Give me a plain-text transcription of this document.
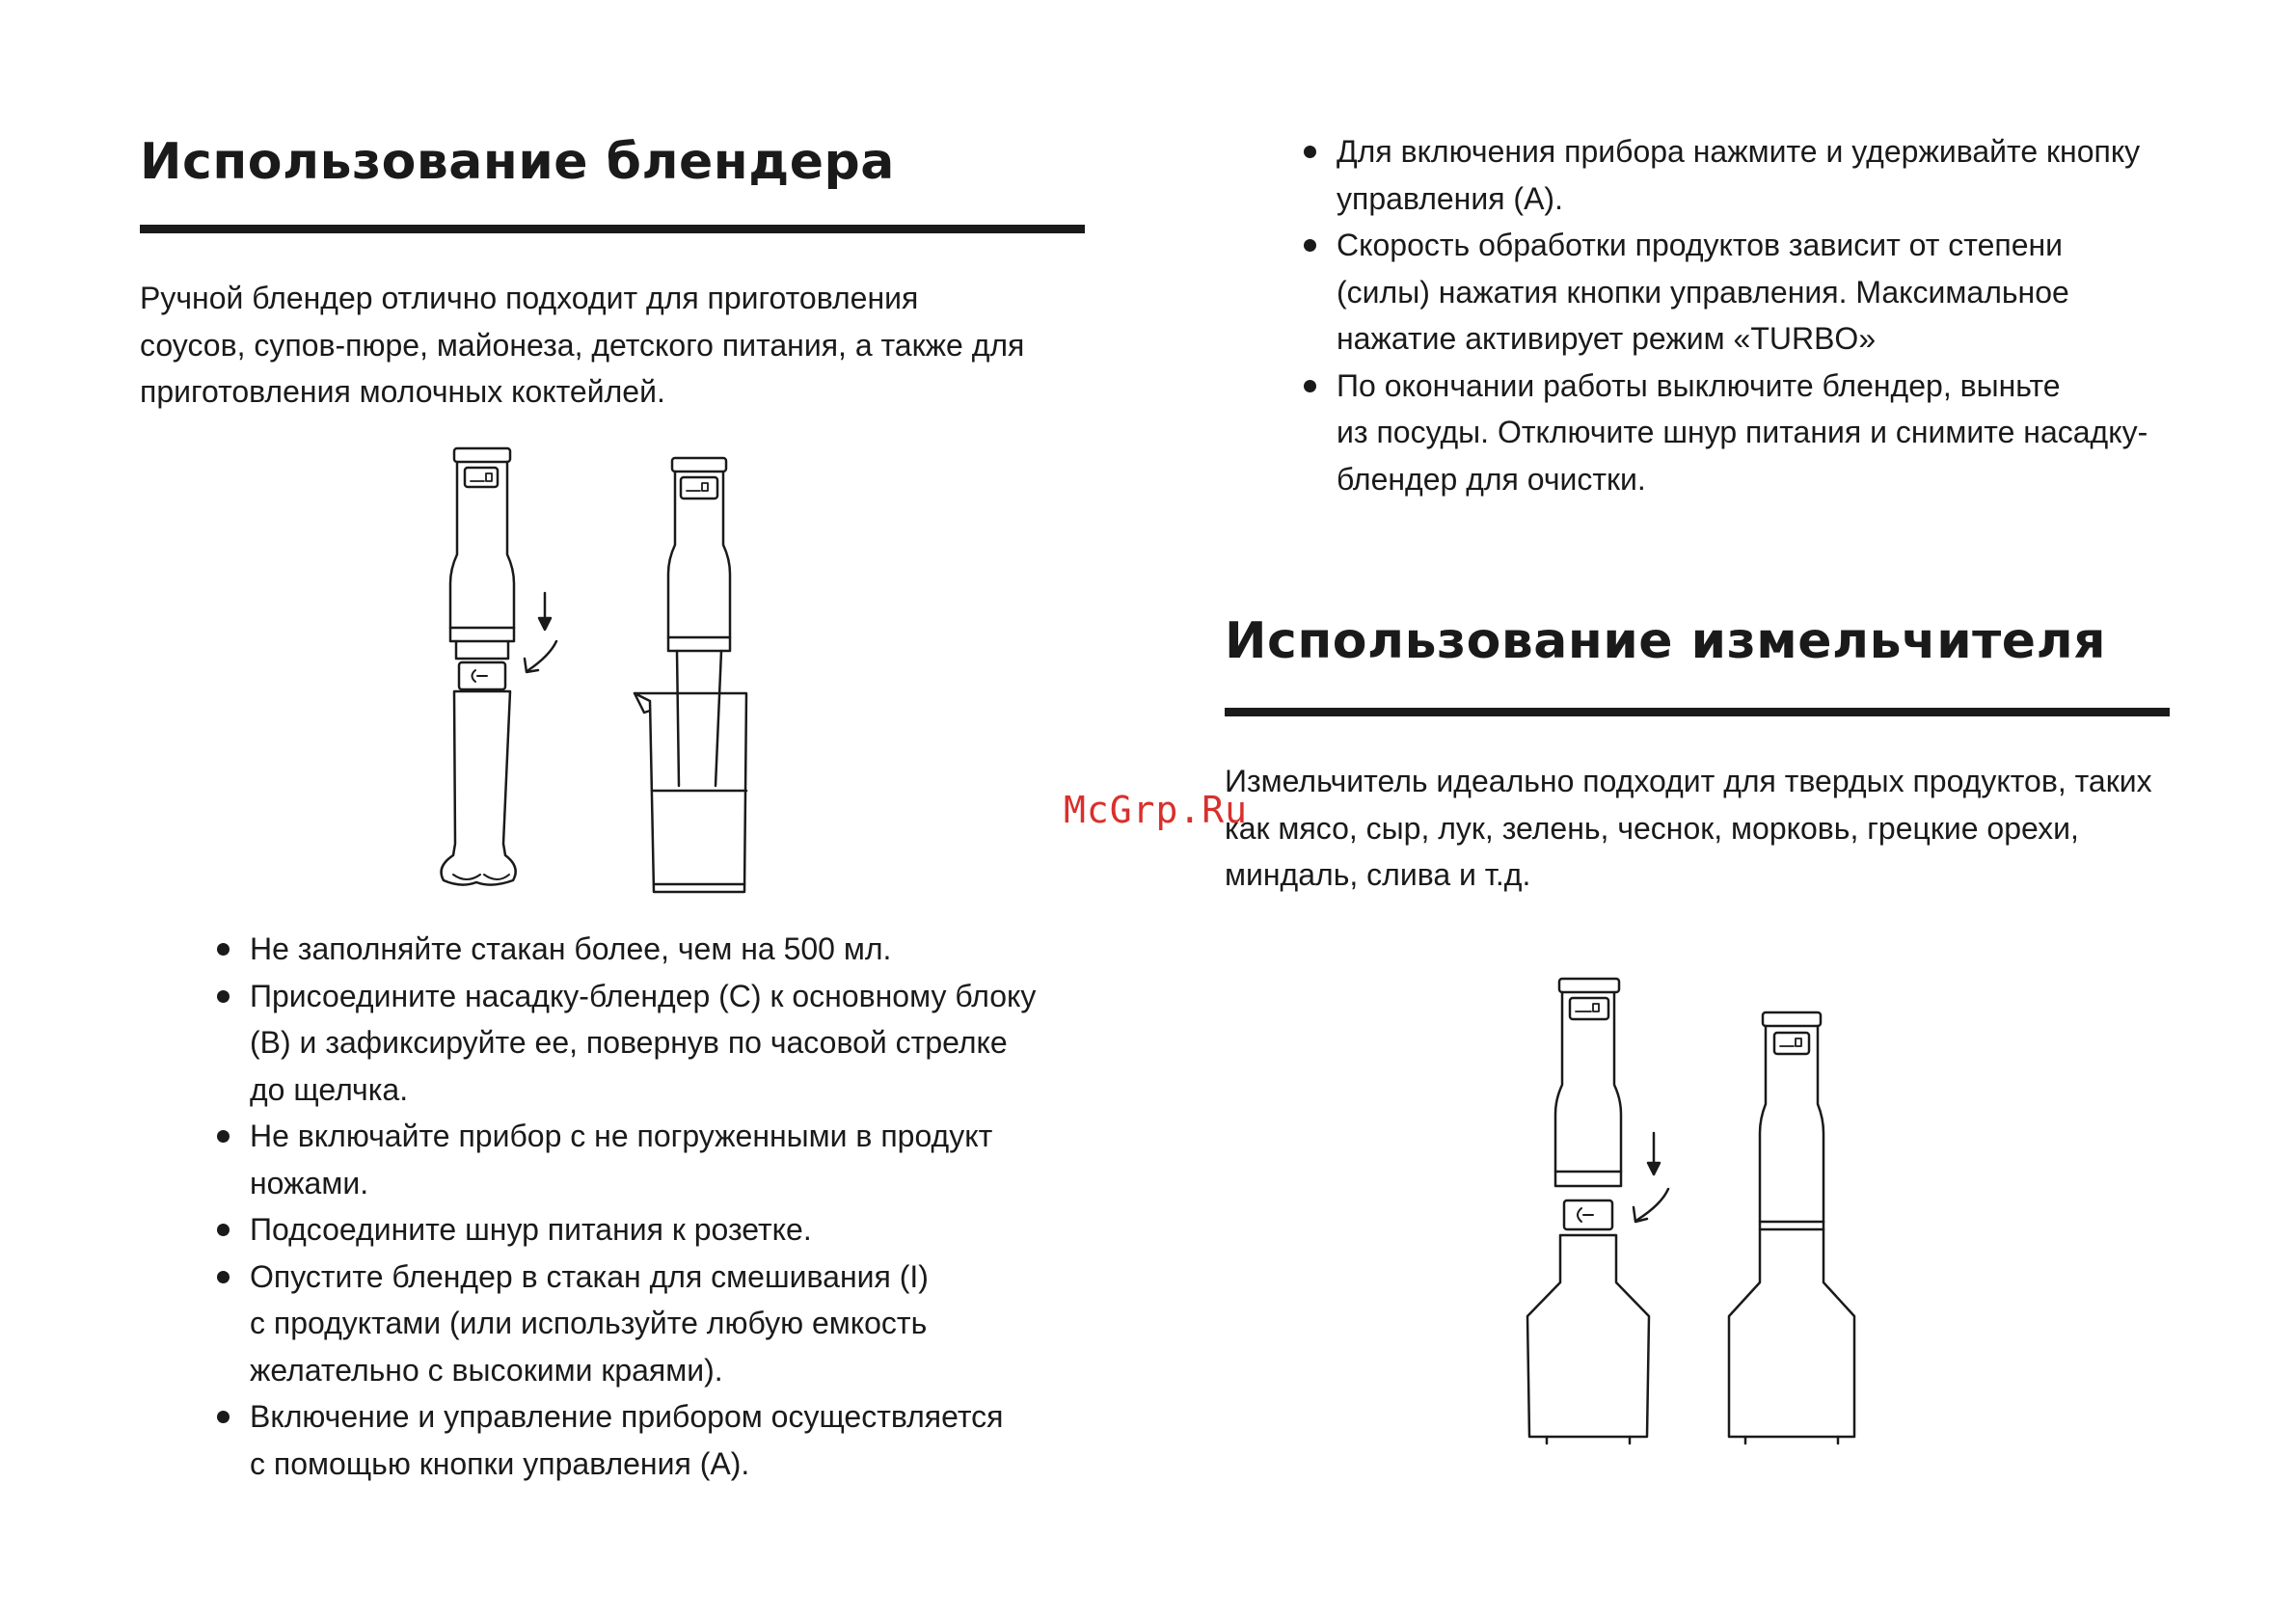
Использование блендера
Ручной блендер отлично подходит для приготовления
соусов, супов-пюре, майонеза, детского питания, а также для
приготовления молочных коктейлей.
Не заполняйте стакан более, чем на 500 мл.
Присоедините насадку-блендер (С) к основному блоку
(B) и зафиксируйте ее, повернув по часовой стрелке
до щелчка.
Не включайте прибор с не погруженными в продукт
ножами.
Подсоедините шнур питания к розетке.
Опустите блендер в стакан для смешивания (I)
с продуктами (или используйте любую емкость
желательно с высокими краями).
Включение и управление прибором осуществляется
с помощью кнопки управления (А).
Для включения прибора нажмите и удерживайте кнопку
управления (А).
Скорость обработки продуктов зависит от степени
(силы) нажатия кнопки управления. Максимальное
нажатие активирует режим «TURBO»
По окончании работы выключите блендер, выньте
из посуды. Отключите шнур питания и снимите насадку-
блендер для очистки.
Использование измельчителя
Измельчитель идеально подходит для твердых продуктов, таких
как мясо, сыр, лук, зелень, чеснок, морковь, грецкие орехи,
миндаль, слива и т.д.
McGrp.Ru
